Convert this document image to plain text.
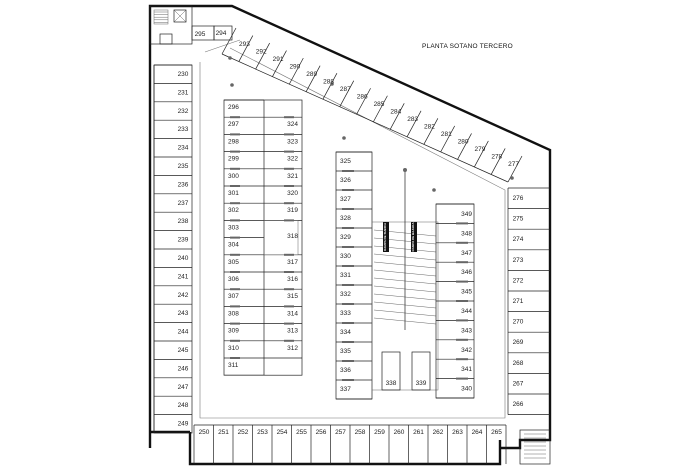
230
231
232
233
234
235
236
237
238
239
240
241
242
243
244
245
246
247
248
249
295 294
293
292
291
290
289
288
287
286
285
284
283
282
281
280
279
278
277
250 251 252 253 254 255 256 257 258 259 260 261 262 263 264 265
276
275
274
273
272
271
270
269
268
267
266
296
297
298
299
300
301
302
303
304
305
306
307
308
309
310
311
324
323
322
321
320
319
318
317
316
315
314
313
312
325
326
327
328
329
330
331
332
333
334
335
336
337
RAMPA DE SUBIDA	RAMPA DE BAJADA
338	339
349
348
347
346
345
344
343
342
341
340
PLANTA SOTANO TERCERO
